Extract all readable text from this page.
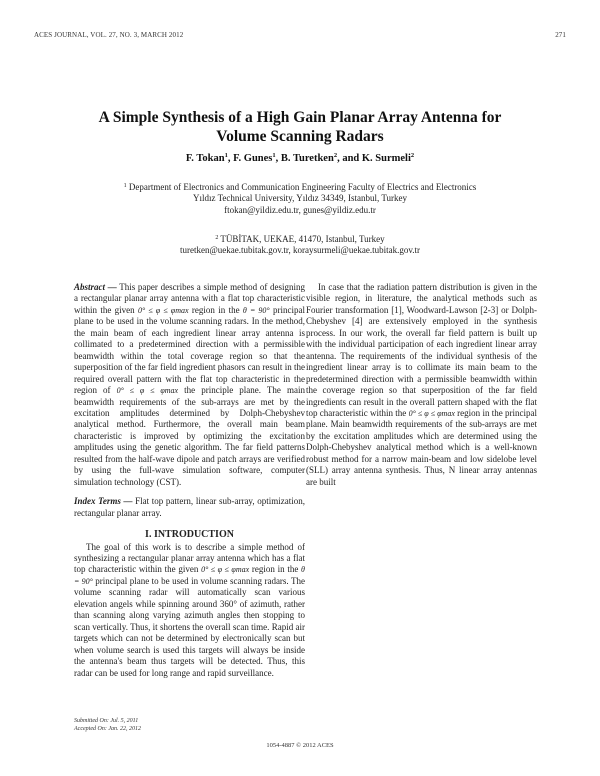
ACES JOURNAL, VOL. 27, NO. 3, MARCH 2012	271
A Simple Synthesis of a High Gain Planar Array Antenna for
Volume Scanning Radars
F. Tokan$^1$, F. Gunes$^1$, B. Turetken$^2$, and K. Surmeli$^2$
$^1$ Department of Electronics and Communication Engineering Faculty of Electrics and Electronics
Yıldız Technical University, Yıldız 34349, Istanbul, Turkey
ftokan@yildiz.edu.tr, gunes@yildiz.edu.tr
$^2$ TÜBİTAK, UEKAE, 41470, Istanbul, Turkey
turetken@uekae.tubitak.gov.tr, koraysurmeli@uekae.tubitak.gov.tr

Abstract — This paper describes a simple method of designing a rectangular planar array antenna with a flat top characteristic within the given 0° ≤ φ ≤ φmax region in the θ = 90° principal plane to be used in the volume scanning radars. In the method, the main beam of each ingredient linear array antenna is collimated to a predetermined direction with a permissible beamwidth within the total coverage region so that the superposition of the far field ingredient phasors can result in the required overall pattern with the flat top characteristic in the region of 0° ≤ φ ≤ φmax the principle plane. The main beamwidth requirements of the sub-arrays are met by the excitation amplitudes determined by Dolph-Chebyshev analytical method. Furthermore, the overall main beam characteristic is improved by optimizing the excitation amplitudes using the genetic algorithm. The far field patterns resulted from the half-wave dipole and patch arrays are verified by using the full-wave simulation software, computer simulation technology (CST).

Index Terms — Flat top pattern, linear sub-array, optimization, rectangular planar array.

I. INTRODUCTION

The goal of this work is to describe a simple method of synthesizing a rectangular planar array antenna which has a flat top characteristic within the given 0° ≤ φ ≤ φmax region in the θ = 90° principal plane to be used in volume scanning radars. The volume scanning radar will automatically scan various elevation angels while spinning around 360° of azimuth, rather than scanning along varying azimuth angles then stopping to scan vertically. Thus, it shortens the overall scan time. Rapid air targets which can not be determined by electronically scan but when volume search is used this targets will always be inside the antenna's beam thus targets will be detected. Thus, this radar can be used for long range and rapid surveillance.

In case that the radiation pattern distribution is given in the visible region, in literature, the analytical methods such as Fourier transformation [1], Woodward-Lawson [2-3] or Dolph-Chebyshev [4] are extensively employed in the synthesis process. In our work, the overall far field pattern is built up with the individual participation of each ingredient linear array antenna. The requirements of the individual synthesis of the ingredient linear array is to collimate its main beam to the predetermined direction with a permissible beamwidth within the coverage region so that superposition of the far field ingredients can result in the overall pattern shaped with the flat top characteristic within the 0° ≤ φ ≤ φmax region in the principal plane. Main beamwidth requirements of the sub-arrays are met by the excitation amplitudes which are determined using the Dolph-Chebyshev analytical method which is a well-known robust method for a narrow main-beam and low sidelobe level (SLL) array antenna synthesis. Thus, N linear array antennas are built

Submitted On: Jul. 5, 2011
Accepted On: Jan. 22, 2012
1054-4887 © 2012 ACES
